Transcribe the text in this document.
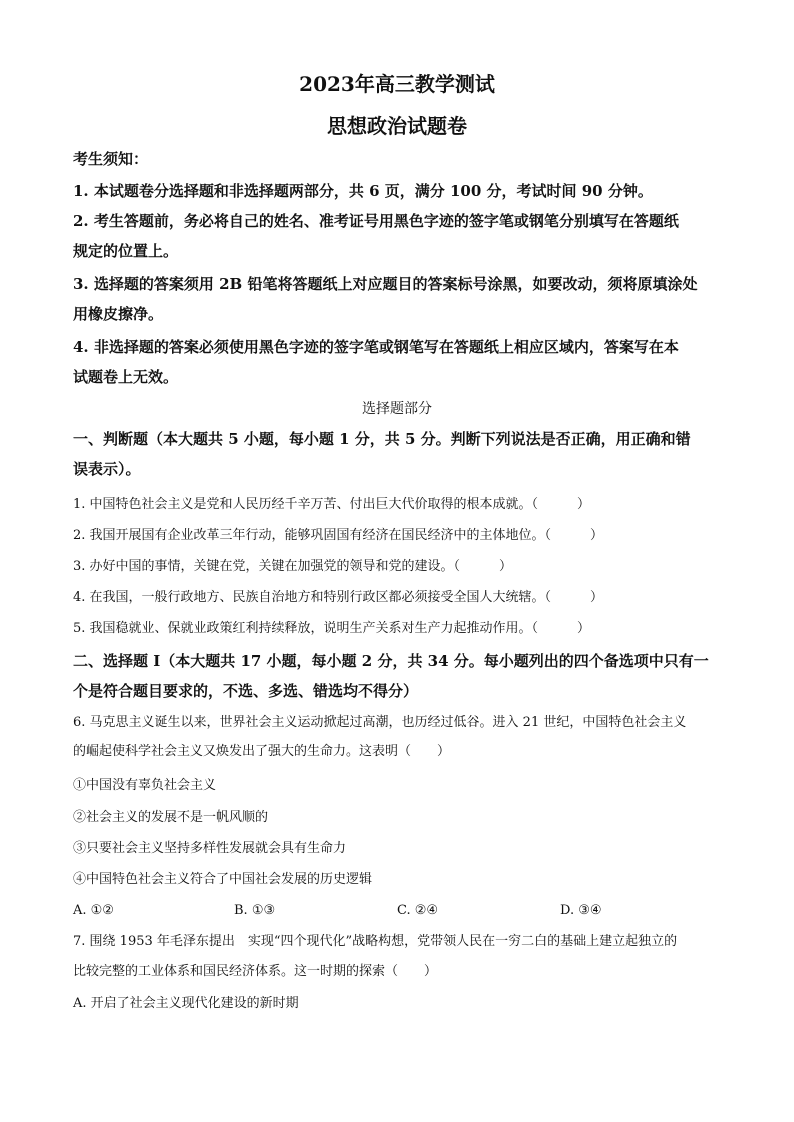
2023年高三教学测试
思想政治试题卷
考生须知：
1. 本试题卷分选择题和非选择题两部分，共 6 页，满分 100 分，考试时间 90 分钟。
2. 考生答题前，务必将自己的姓名、准考证号用黑色字迹的签字笔或钢笔分别填写在答题纸
规定的位置上。
3. 选择题的答案须用 2B 铅笔将答题纸上对应题目的答案标号涂黑，如要改动，须将原填涂处
用橡皮擦净。
4. 非选择题的答案必须使用黑色字迹的签字笔或钢笔写在答题纸上相应区域内，答案写在本
试题卷上无效。
选择题部分
一、判断题（本大题共 5 小题，每小题 1 分，共 5 分。判断下列说法是否正确，用正确和错
误表示）。
1. 中国特色社会主义是党和人民历经千辛万苦、付出巨大代价取得的根本成就。（　　　）
2. 我国开展国有企业改革三年行动，能够巩固国有经济在国民经济中的主体地位。（　　　）
3. 办好中国的事情，关键在党，关键在加强党的领导和党的建设。（　　　）
4. 在我国，一般行政地方、民族自治地方和特别行政区都必须接受全国人大统辖。（　　　）
5. 我国稳就业、保就业政策红利持续释放，说明生产关系对生产力起推动作用。（　　　）
二、选择题 I（本大题共 17 小题，每小题 2 分，共 34 分。每小题列出的四个备选项中只有一
个是符合题目要求的，不选、多选、错选均不得分）
6. 马克思主义诞生以来，世界社会主义运动掀起过高潮，也历经过低谷。进入 21 世纪，中国特色社会主义
的崛起使科学社会主义又焕发出了强大的生命力。这表明（　　）
①中国没有辜负社会主义
②社会主义的发展不是一帆风顺的
③只要社会主义坚持多样性发展就会具有生命力
④中国特色社会主义符合了中国社会发展的历史逻辑
A. ①②	B. ①③	C. ②④	D. ③④
7. 围绕 1953 年毛泽东提出　实现“四个现代化”战略构想，党带领人民在一穷二白的基础上建立起独立的
比较完整的工业体系和国民经济体系。这一时期的探索（　　）
A. 开启了社会主义现代化建设的新时期
